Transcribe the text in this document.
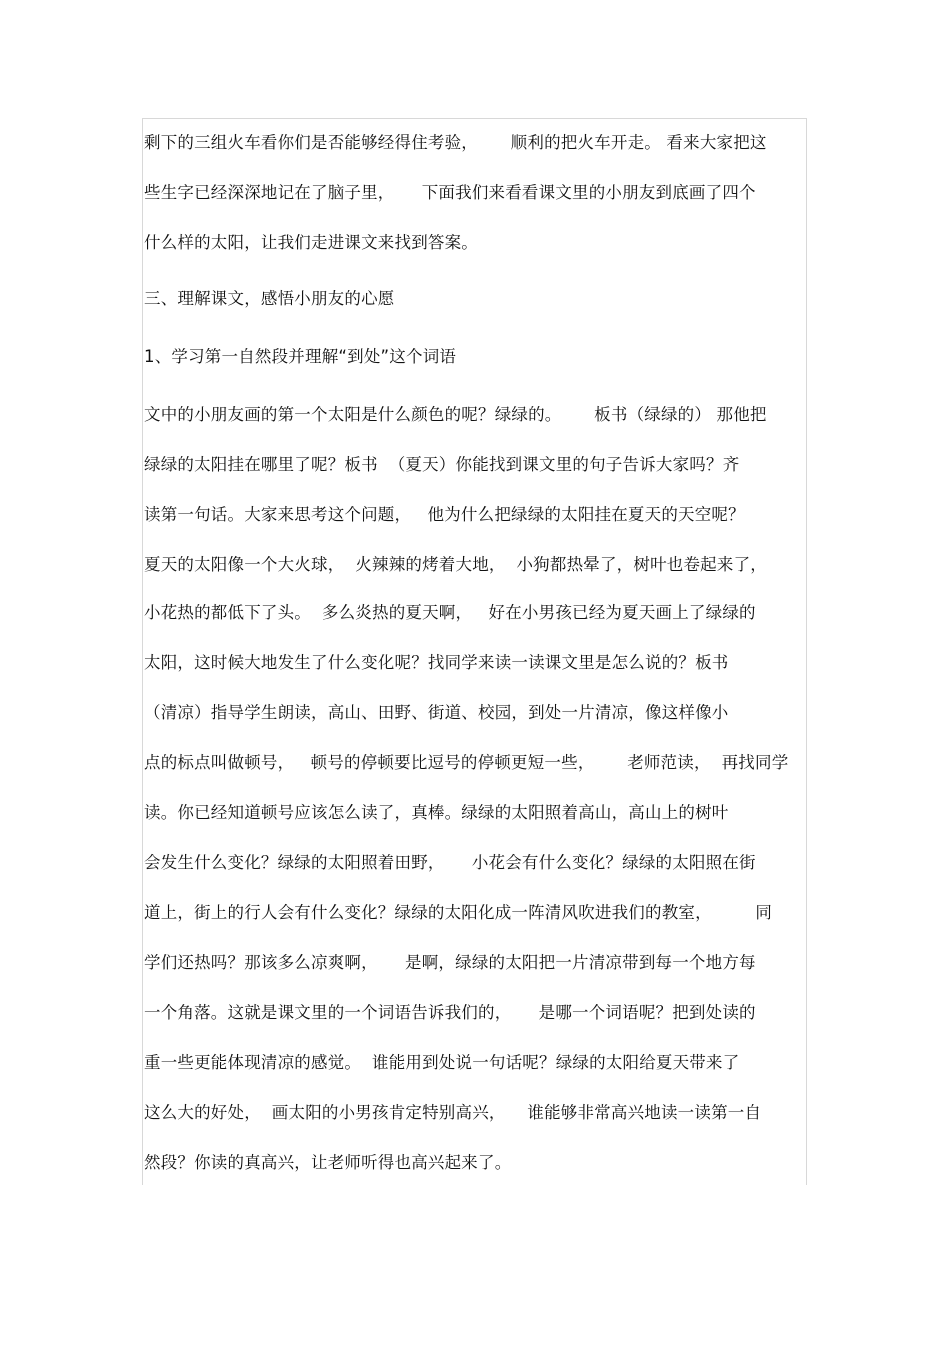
剩下的三组火车看你们是否能够经得住考验，      顺利的把火车开走。 看来大家把这
些生字已经深深地记在了脑子里，     下面我们来看看课文里的小朋友到底画了四个
什么样的太阳，让我们走进课文来找到答案。
三、理解课文，感悟小朋友的心愿
1、学习第一自然段并理解“到处”这个词语
文中的小朋友画的第一个太阳是什么颜色的呢？绿绿的。      板书（绿绿的） 那他把
绿绿的太阳挂在哪里了呢？板书  （夏天）你能找到课文里的句子告诉大家吗？齐
读第一句话。大家来思考这个问题，   他为什么把绿绿的太阳挂在夏天的天空呢？
夏天的太阳像一个大火球，  火辣辣的烤着大地，  小狗都热晕了，树叶也卷起来了，
小花热的都低下了头。  多么炎热的夏天啊，   好在小男孩已经为夏天画上了绿绿的
太阳，这时候大地发生了什么变化呢？找同学来读一读课文里是怎么说的？板书
（清凉）指导学生朗读，高山、田野、街道、校园，到处一片清凉，像这样像小
点的标点叫做顿号，   顿号的停顿要比逗号的停顿更短一些，      老师范读，  再找同学
读。你已经知道顿号应该怎么读了，真棒。绿绿的太阳照着高山，高山上的树叶
会发生什么变化？绿绿的太阳照着田野，     小花会有什么变化？绿绿的太阳照在街
道上，街上的行人会有什么变化？绿绿的太阳化成一阵清风吹进我们的教室，        同
学们还热吗？那该多么凉爽啊，     是啊，绿绿的太阳把一片清凉带到每一个地方每
一个角落。这就是课文里的一个词语告诉我们的，     是哪一个词语呢？把到处读的
重一些更能体现清凉的感觉。  谁能用到处说一句话呢？绿绿的太阳给夏天带来了
这么大的好处，  画太阳的小男孩肯定特别高兴，    谁能够非常高兴地读一读第一自
然段？你读的真高兴，让老师听得也高兴起来了。
